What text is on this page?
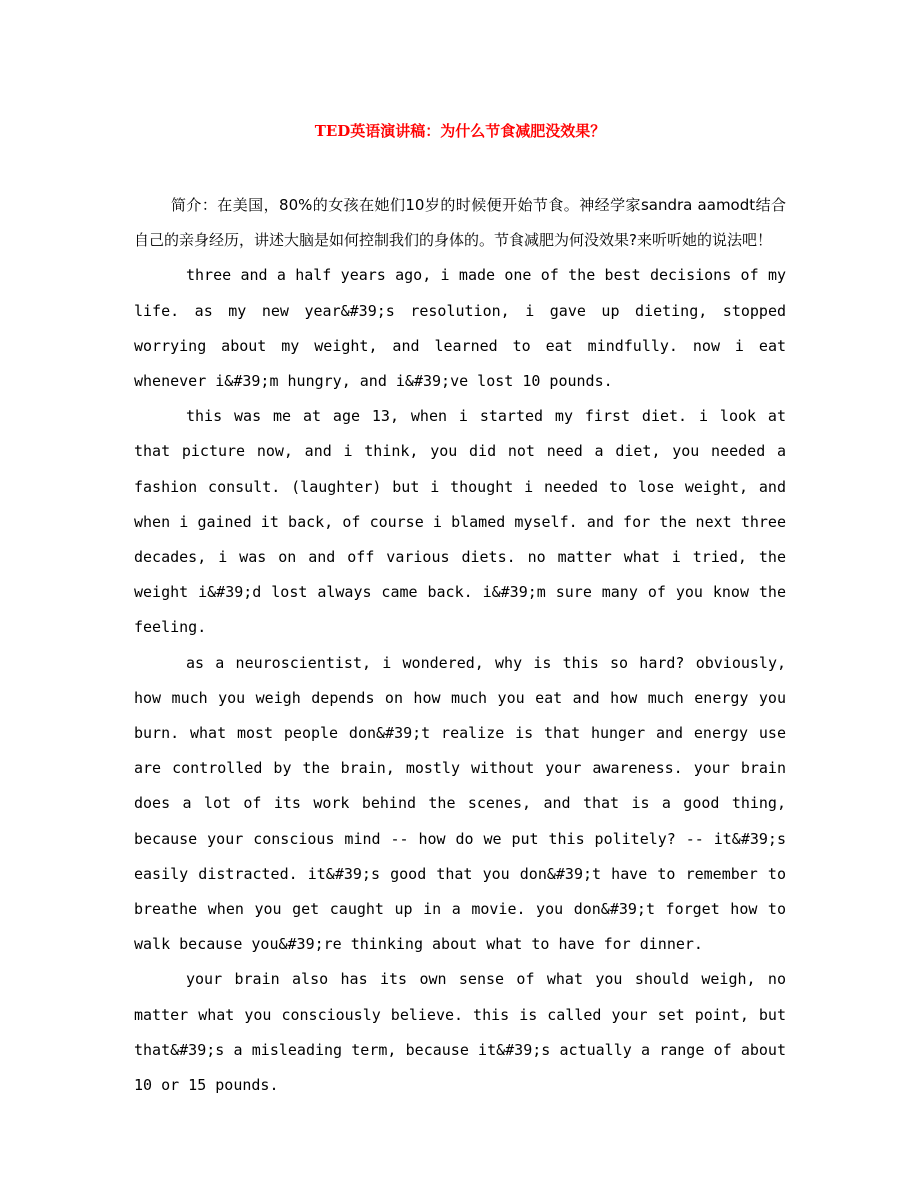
TED英语演讲稿：为什么节食减肥没效果？

简介：在美国，80%的女孩在她们10岁的时候便开始节食。神经学家sandra aamodt结合自己的亲身经历，讲述大脑是如何控制我们的身体的。节食减肥为何没效果?来听听她的说法吧！

three and a half years ago, i made one of the best decisions of my life. as my new year&#39;s resolution, i gave up dieting, stopped worrying about my weight, and learned to eat mindfully. now i eat whenever i&#39;m hungry, and i&#39;ve lost 10 pounds.

this was me at age 13, when i started my first diet. i look at that picture now, and i think, you did not need a diet, you needed a fashion consult. (laughter) but i thought i needed to lose weight, and when i gained it back, of course i blamed myself. and for the next three decades, i was on and off various diets. no matter what i tried, the weight i&#39;d lost always came back. i&#39;m sure many of you know the feeling.

as a neuroscientist, i wondered, why is this so hard? obviously, how much you weigh depends on how much you eat and how much energy you burn. what most people don&#39;t realize is that hunger and energy use are controlled by the brain, mostly without your awareness. your brain does a lot of its work behind the scenes, and that is a good thing, because your conscious mind -- how do we put this politely? -- it&#39;s easily distracted. it&#39;s good that you don&#39;t have to remember to breathe when you get caught up in a movie. you don&#39;t forget how to walk because you&#39;re thinking about what to have for dinner.

your brain also has its own sense of what you should weigh, no matter what you consciously believe. this is called your set point, but that&#39;s a misleading term, because it&#39;s actually a range of about 10 or 15 pounds.
